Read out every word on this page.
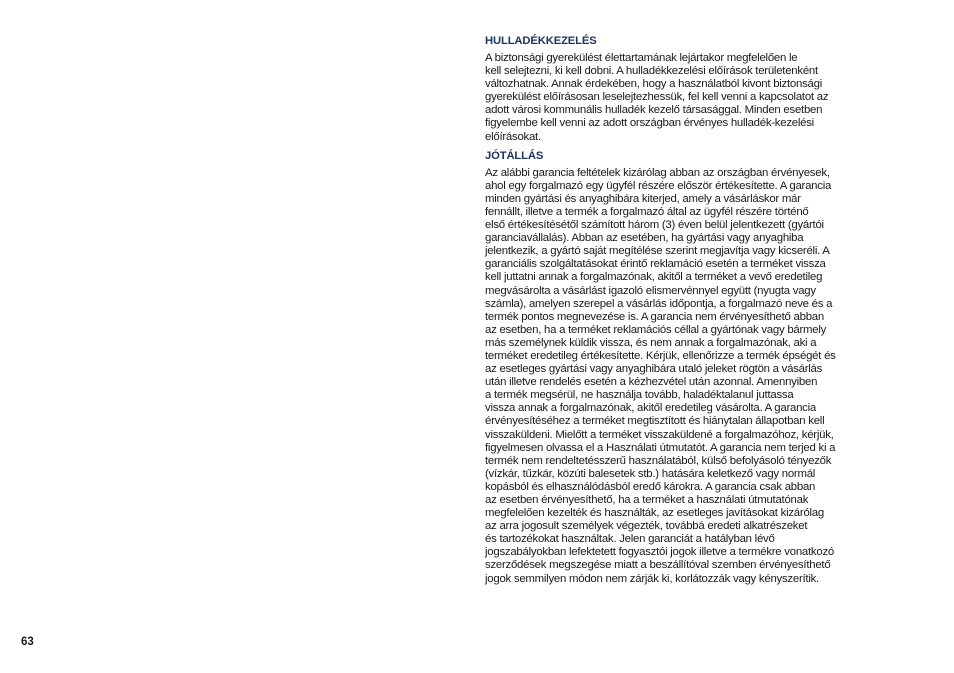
HULLADÉKKEZELÉS

A biztonsági gyerekülést élettartamának lejártakor megfelelően le
kell selejtezni, ki kell dobni. A hulladékkezelési előírások területenként
változhatnak. Annak érdekében, hogy a használatból kivont biztonsági
gyerekülést előírásosan leselejtezhessük, fel kell venni a kapcsolatot az
adott városi kommunális hulladék kezelő társasággal. Minden esetben
figyelembe kell venni az adott országban érvényes hulladék-kezelési
előírásokat.

JÓTÁLLÁS

Az alábbi garancia feltételek kizárólag abban az országban érvényesek,
ahol egy forgalmazó egy ügyfél részére először értékesítette. A garancia
minden gyártási és anyaghibára kiterjed, amely a vásárláskor már
fennállt, illetve a termék a forgalmazó által az ügyfél részére történő
első értékesítésétől számított három (3) éven belül jelentkezett (gyártói
garanciavállalás). Abban az esetében, ha gyártási vagy anyaghiba
jelentkezik, a gyártó saját megítélése szerint megjavítja vagy kicseréli. A
garanciális szolgáltatásokat érintő reklamáció esetén a terméket vissza
kell juttatni annak a forgalmazónak, akitől a terméket a vevő eredetileg
megvásárolta a vásárlást igazoló elismervénnyel együtt (nyugta vagy
számla), amelyen szerepel a vásárlás időpontja, a forgalmazó neve és a
termék pontos megnevezése is. A garancia nem érvényesíthető abban
az esetben, ha a terméket reklamációs céllal a gyártónak vagy bármely
más személynek küldik vissza, és nem annak a forgalmazónak, aki a
terméket eredetileg értékesítette. Kérjük, ellenőrizze a termék épségét és
az esetleges gyártási vagy anyaghibára utaló jeleket rögtön a vásárlás
után illetve rendelés esetén a kézhezvétel után azonnal. Amennyiben
a termék megsérül, ne használja tovább, haladéktalanul juttassa
vissza annak a forgalmazónak, akitől eredetileg vásárolta. A garancia
érvényesítéséhez a terméket megtisztított és hiánytalan állapotban kell
visszaküldeni. Mielőtt a terméket visszaküldené a forgalmazóhoz, kérjük,
figyelmesen olvassa el a Használati útmutatót. A garancia nem terjed ki a
termék nem rendeltetésszerű használatából, külső befolyásoló tényezők
(vízkár, tűzkár, közúti balesetek stb.) hatására keletkező vagy normál
kopásból és elhasználódásból eredő károkra. A garancia csak abban
az esetben érvényesíthető, ha a terméket a használati útmutatónak
megfelelően kezelték és használták, az esetleges javításokat kizárólag
az arra jogosult személyek végezték, továbbá eredeti alkatrészeket
és tartozékokat használtak. Jelen garanciát a hatályban lévő
jogszabályokban lefektetett fogyasztói jogok illetve a termékre vonatkozó
szerződések megszegése miatt a beszállítóval szemben érvényesíthető
jogok semmilyen módon nem zárják ki, korlátozzák vagy kényszerítik.

63
